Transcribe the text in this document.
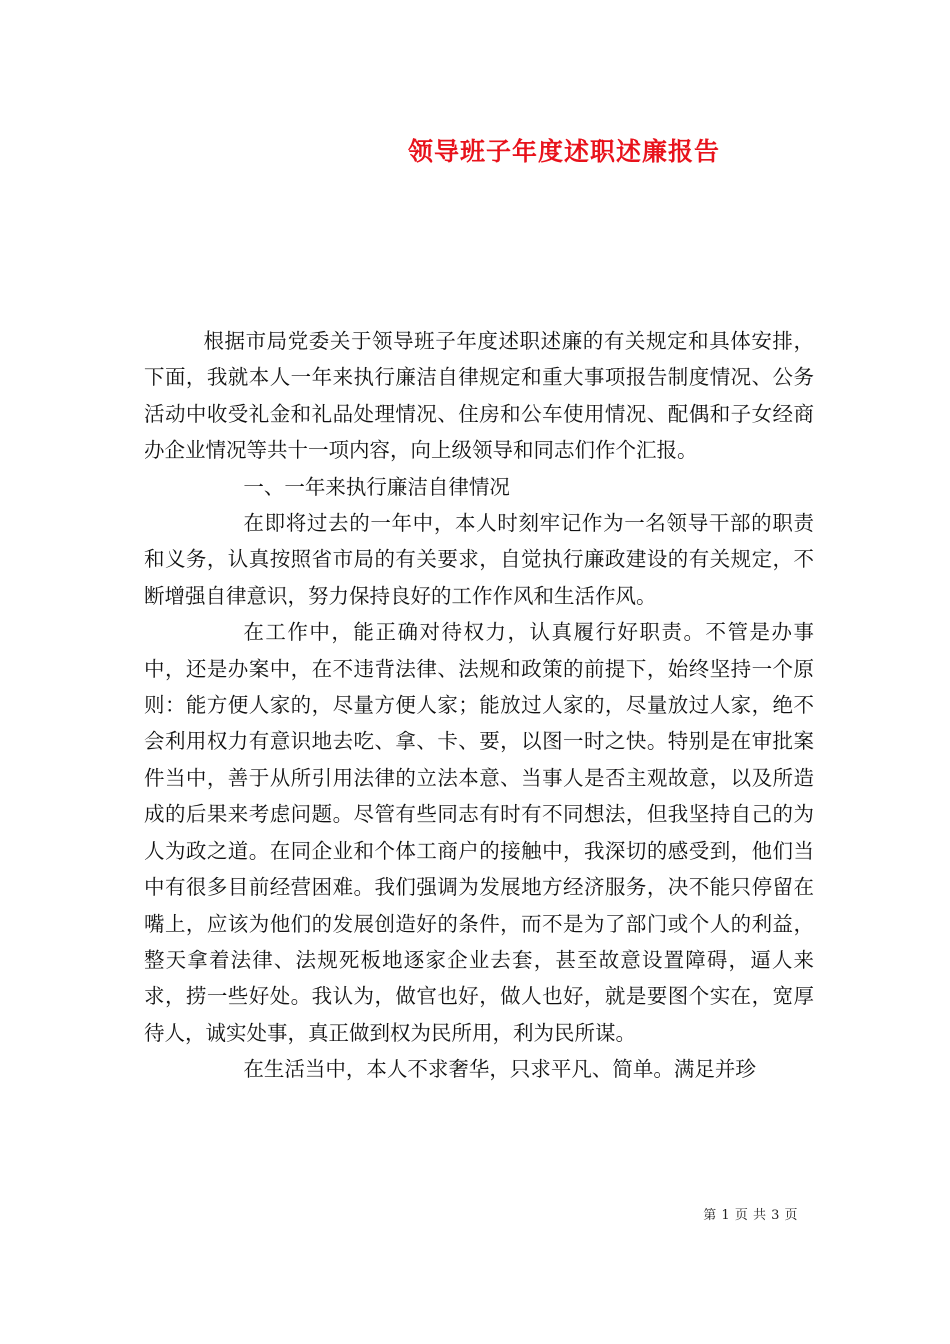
领导班子年度述职述廉报告

根据市局党委关于领导班子年度述职述廉的有关规定和具体安排，下面，我就本人一年来执行廉洁自律规定和重大事项报告制度情况、公务活动中收受礼金和礼品处理情况、住房和公车使用情况、配偶和子女经商办企业情况等共十一项内容，向上级领导和同志们作个汇报。

一、一年来执行廉洁自律情况

在即将过去的一年中，本人时刻牢记作为一名领导干部的职责和义务，认真按照省市局的有关要求，自觉执行廉政建设的有关规定，不断增强自律意识，努力保持良好的工作作风和生活作风。

在工作中，能正确对待权力，认真履行好职责。不管是办事中，还是办案中，在不违背法律、法规和政策的前提下，始终坚持一个原则：能方便人家的，尽量方便人家；能放过人家的，尽量放过人家，绝不会利用权力有意识地去吃、拿、卡、要，以图一时之快。特别是在审批案件当中，善于从所引用法律的立法本意、当事人是否主观故意，以及所造成的后果来考虑问题。尽管有些同志有时有不同想法，但我坚持自己的为人为政之道。在同企业和个体工商户的接触中，我深切的感受到，他们当中有很多目前经营困难。我们强调为发展地方经济服务，决不能只停留在嘴上，应该为他们的发展创造好的条件，而不是为了部门或个人的利益，整天拿着法律、法规死板地逐家企业去套，甚至故意设置障碍，逼人来求，捞一些好处。我认为，做官也好，做人也好，就是要图个实在，宽厚待人，诚实处事，真正做到权为民所用，利为民所谋。

在生活当中，本人不求奢华，只求平凡、简单。满足并珍

第 1 页 共 3 页
